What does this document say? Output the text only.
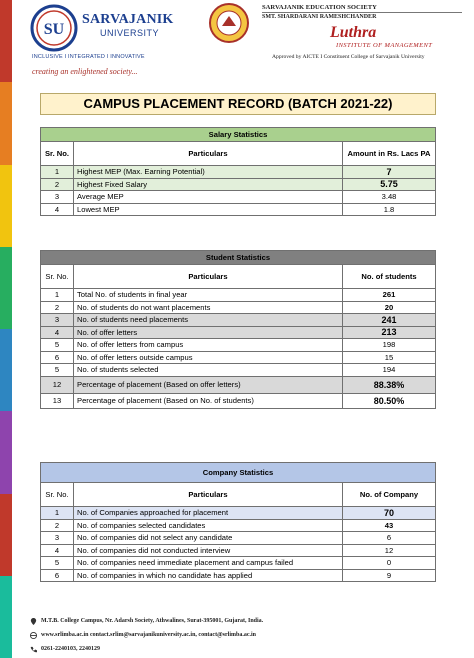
SU
SARVAJANIK
UNIVERSITY
INCLUSIVE I INTEGRATED I INNOVATIVE
creating an enlightened society...
SARVAJANIK EDUCATION SOCIETY
SMT. SHARDARANI RAMESHCHANDER
Luthra
INSTITUTE OF MANAGEMENT
Approved by AICTE I Constituent College of Sarvajanik University
CAMPUS PLACEMENT RECORD (BATCH 2021-22)
Salary Statistics		
Sr. No.	Particulars	Amount in Rs. Lacs PA
1	Highest MEP (Max. Earning Potential)	7
2	Highest Fixed Salary	5.75
3	Average MEP	3.48
4	Lowest MEP	1.8
Student Statistics		
Sr. No.	Particulars	No. of students
1	Total No. of students in final year	261
2	No. of students do not want placements	20
3	No. of students need placements	241
4	No. of offer letters	213
5	No. of offer letters from campus	198
6	No. of offer letters outside campus	15
5	No. of students selected	194
12	Percentage of placement (Based on offer letters)	88.38%
13	Percentage of placement (Based on No. of students)	80.50%
Company Statistics		
Sr. No.	Particulars	No. of Company
1	No. of Companies approached for placement	70
2	No. of companies selected candidates	43
3	No. of companies did not select any candidate	6
4	No. of companies did not conducted interview	12
5	No. of companies need immediate placement and campus failed	0
6	No. of companies in which no candidate has applied	9
M.T.B. College Campus, Nr. Adarsh Society, Athwalines, Surat-395001, Gujarat, India.
www.srlimba.ac.in contact.srlim@sarvajanikuniversity.ac.in, contact@srlimba.ac.in
0261-2240103, 2240129
